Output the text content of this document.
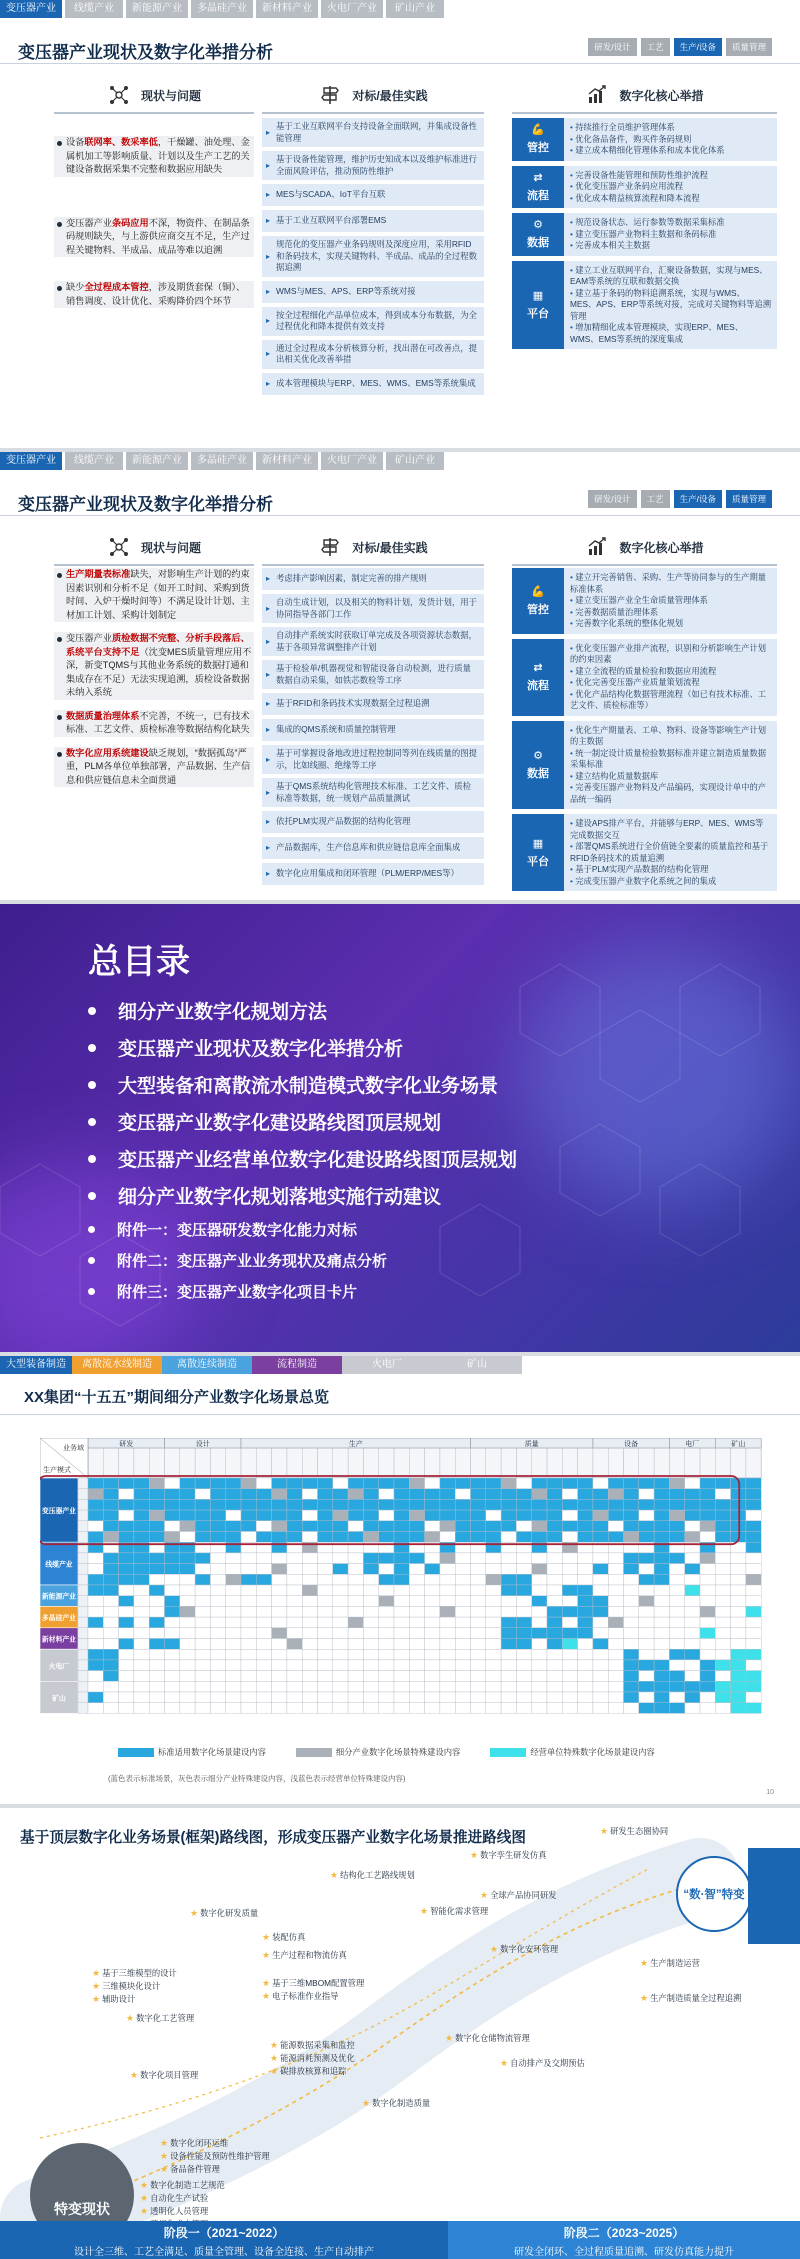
变压器产业	线缆产业	新能源产业	多晶硅产业	新材料产业	火电厂产业	矿山产业
变压器产业现状及数字化举措分析	研发/设计	工艺	生产/设备	质量管理
现状与问题	对标/最佳实践	数字化核心举措
设备联网率、数采率低，干燥罐、油处理、金属机加工等影响质量、计划以及生产工艺的关键设备数据采集不完整和数据应用缺失
变压器产业条码应用不深，物资件、在制品条码规则缺失，与上游供应商交互不足，生产过程关键物料、半成品、成品等难以追溯
缺少全过程成本管控，涉及期货套保（铜）、销售调度、设计优化、采购降价四个环节
▸ 基于工业互联网平台支持设备全面联网，并集成设备性能管理
▸ 基于设备性能管理，维护历史知成本以及维护标准进行全面风险评估，推动预防性维护
▸ MES与SCADA、IoT平台互联
▸ 基于工业互联网平台部署EMS
▸ 规范化的变压器产业条码规则及深度应用，采用RFID和条码技术，实现关键物料、半成品、成品的全过程数据追溯
▸ WMS与MES、APS、ERP等系统对接
▸ 按全过程细化产品单位成本，得到成本分布数据，为全过程优化和降本提供有效支持
▸ 通过全过程成本分析核算分析，找出潜在可改善点，提出相关优化改善举措
▸ 成本管理模块与ERP、MES、WMS、EMS等系统集成
💪
管控
• 持续推行全员维护管理体系
• 优化备品备件，购买件条码规则
• 建立成本精细化管理体系和成本优化体系
⇄
流程
• 完善设备性能管理和预防性维护流程
• 优化变压器产业条码应用流程
• 优化成本精益核算流程和降本流程
⚙
数据
• 规范设备状态、运行参数等数据采集标准
• 建立变压器产业物料主数据和条码标准
• 完善成本相关主数据
▦
平台
• 建立工业互联网平台，汇聚设备数据，实现与MES、EAM等系统的互联和数据交换
• 建立基于条码的物料追溯系统，实现与WMS、MES、APS、ERP等系统对接，完成对关键物料等追溯管理
• 增加精细化成本管理模块，实现ERP、MES、WMS、EMS等系统的深度集成
变压器产业	线缆产业	新能源产业	多晶硅产业	新材料产业	火电厂产业	矿山产业
变压器产业现状及数字化举措分析	研发/设计	工艺	生产/设备	质量管理
现状与问题	对标/最佳实践	数字化核心举措
生产期量表标准缺失，对影响生产计划的约束因素识别和分析不足（如开工时间、采购到货时间、入炉干燥时间等）不满足设计计划、主材加工计划、采购计划制定
变压器产业质检数据不完整、分析手段落后、系统平台支持不足（沈变MES质量管理应用不深，新变TQMS与其他业务系统的数据打通和集成存在不足）无法实现追溯，质检设备数据未纳入系统
数据质量治理体系不完善，不统一，已有技术标准、工艺文件、质检标准等数据结构化缺失
数字化应用系统建设缺乏规划，“数据孤岛”严重，PLM各单位单独部署，产品数据、生产信息和供应链信息未全面贯通
▸ 考虑排产影响因素，制定完善的排产规则
▸ 自动生成计划，以及相关的物料计划，发货计划，用于协同指导各部门工作
▸ 自动排产系统实时获取订单完成及各项资源状态数据，基于各项异常调整排产计划
▸ 基于检验单/机器视觉和智能设备自动检测，进行质量数据自动采集，如铁芯数检等工序
▸ 基于RFID和条码技术实现数据全过程追溯
▸ 集成的QMS系统和质量控制管理
▸ 基于可掌握设备地改进过程控制同等列在线质量的图提示，比如线圈、绝缘等工序
▸ 基于QMS系统结构化管理技术标准、工艺文件、质检标准等数据，统一规划产品质量测试
▸ 依托PLM实现产品数据的结构化管理
▸ 产品数据库，生产信息库和供应链信息库全面集成
▸ 数字化应用集成和闭环管理（PLM/ERP/MES等）
💪
管控
• 建立开完善销售、采购、生产等协同参与的生产期量标准体系
• 建立变压器产业全生命质量管理体系
• 完善数据质量治理体系
• 完善数字化系统的整体化规划
⇄
流程
• 优化变压器产业排产流程，识别和分析影响生产计划的约束因素
• 建立全流程的质量检验和数据应用流程
• 优化完善变压器产业质量策划流程
• 优化产品结构化数据管理流程（如已有技术标准、工艺文件、质检标准等）
⚙
数据
• 优化生产期量表、工单、物料、设备等影响生产计划的主数据
• 统一制定设计质量检验数据标准并建立制造质量数据采集标准
• 建立结构化质量数据库
• 完善变压器产业物料及产品编码，实现设计单中的产品统一编码
▦
平台
• 建设APS排产平台，并能够与ERP、MES、WMS等完成数据交互
• 部署QMS系统进行全价值链全要素的质量监控和基于RFID条码技术的质量追溯
• 基于PLM实现产品数据的结构化管理
• 完成变压器产业数字化系统之间的集成
总目录
细分产业数字化规划方法
变压器产业现状及数字化举措分析
大型装备和离散流水制造模式数字化业务场景
变压器产业数字化建设路线图顶层规划
变压器产业经营单位数字化建设路线图顶层规划
细分产业数字化规划落地实施行动建议
附件一：变压器研发数字化能力对标
附件二：变压器产业业务现状及痛点分析
附件三：变压器产业数字化项目卡片
大型装备制造	离散流水线制造	离散连续制造	流程制造	火电厂	矿山
XX集团“十五五”期间细分产业数字化场景总览
研发	设计	生产	质量	设备	电厂	矿山
业务域
生产模式
变压器产业
线缆产业
新能源产业
多晶硅产业
新材料产业
火电厂
矿山
标准适用数字化场景建设内容	细分产业数字化场景特殊建设内容	经营单位特殊数字化场景建设内容
(蓝色表示标准场景，灰色表示细分产业特殊建设内容，浅蓝色表示经营单位特殊建设内容)
10
基于顶层数字化业务场景(框架)路线图，形成变压器产业数字化场景推进路线图
特变现状
“数·智”特变
★ 研发生态圈协同
★ 数字孪生研发仿真
★ 全球产品协同研发
★ 结构化工艺路线规划
★ 智能化需求管理
★ 生产制造运营
★ 数字化研发质量
★ 数字化安环管理
★ 生产制造质量全过程追溯
★ 装配仿真
★ 生产过程和物流仿真
★ 基于三维模型的设计
★ 三维模块化设计
★ 辅助设计
★ 数字化工艺管理
★ 基于三维MBOM配置管理
★ 电子标准作业指导
★ 数字化仓储物流管理
★ 自动排产及交期预估
★ 能源数据采集和监控
★ 能源消耗预测及优化
★ 碳排放核算和追踪
★ 数字化项目管理
★ 数字化制造质量
★ 数字化闭环运维
★ 设备性能及预防性维护管理
★ 备品备件管理
★ 数字化制造工艺规范
★ 自动化生产试验
★ 透明化人员管理
阶段一（2021~2022）
设计全三维、工艺全满足、质量全管理、设备全连接、生产自动排产
阶段二（2023~2025）
研发全闭环、全过程质量追溯、研发仿真能力提升
